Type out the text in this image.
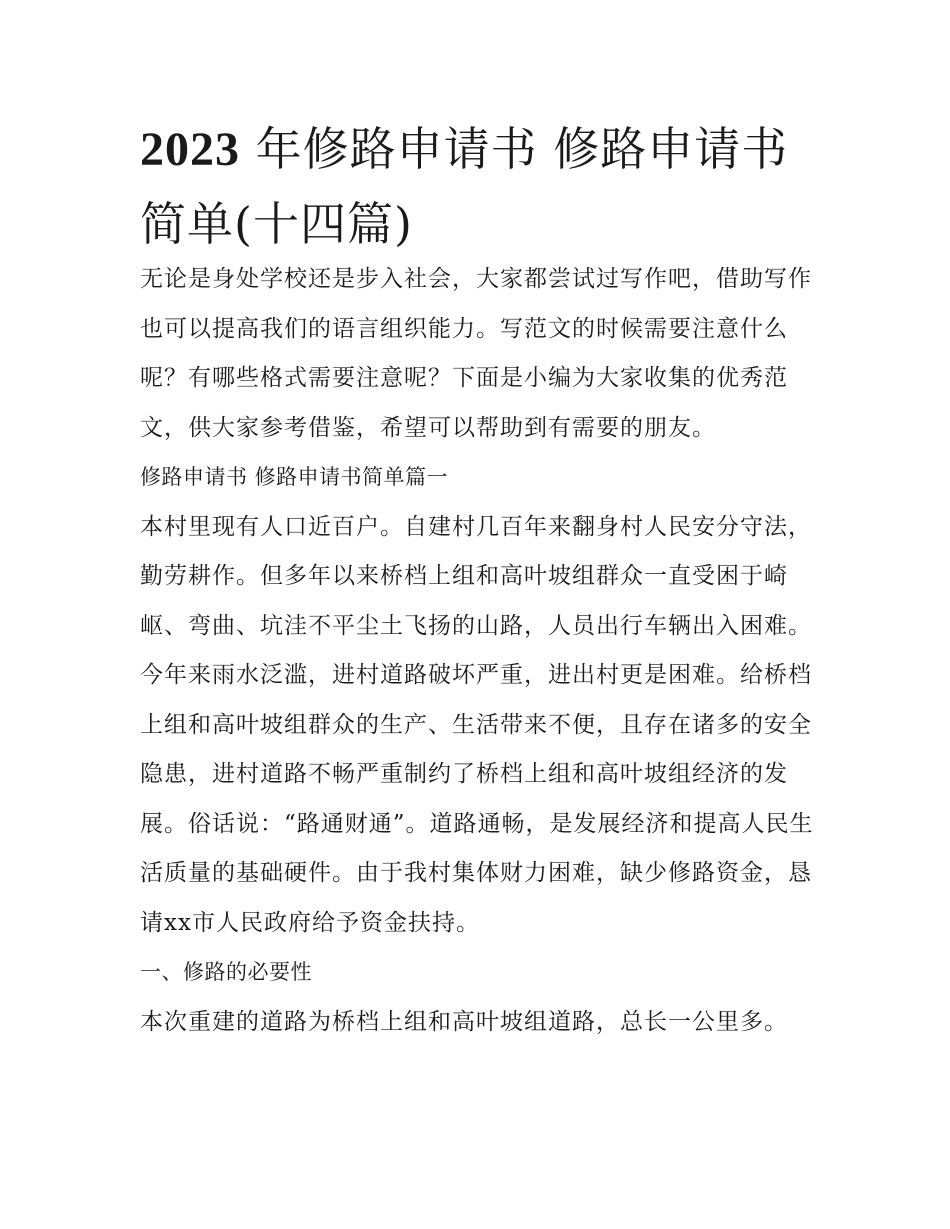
2023 年修路申请书 修路申请书简单(十四篇)

无论是身处学校还是步入社会，大家都尝试过写作吧，借助写作也可以提高我们的语言组织能力。写范文的时候需要注意什么呢？有哪些格式需要注意呢？下面是小编为大家收集的优秀范文，供大家参考借鉴，希望可以帮助到有需要的朋友。

修路申请书 修路申请书简单篇一

本村里现有人口近百户。自建村几百年来翻身村人民安分守法，勤劳耕作。但多年以来桥档上组和高叶坡组群众一直受困于崎岖、弯曲、坑洼不平尘土飞扬的山路，人员出行车辆出入困难。今年来雨水泛滥，进村道路破坏严重，进出村更是困难。给桥档上组和高叶坡组群众的生产、生活带来不便，且存在诸多的安全隐患，进村道路不畅严重制约了桥档上组和高叶坡组经济的发展。俗话说：“路通财通”。道路通畅，是发展经济和提高人民生活质量的基础硬件。由于我村集体财力困难，缺少修路资金，恳请xx市人民政府给予资金扶持。

一、修路的必要性

本次重建的道路为桥档上组和高叶坡组道路，总长一公里多。
